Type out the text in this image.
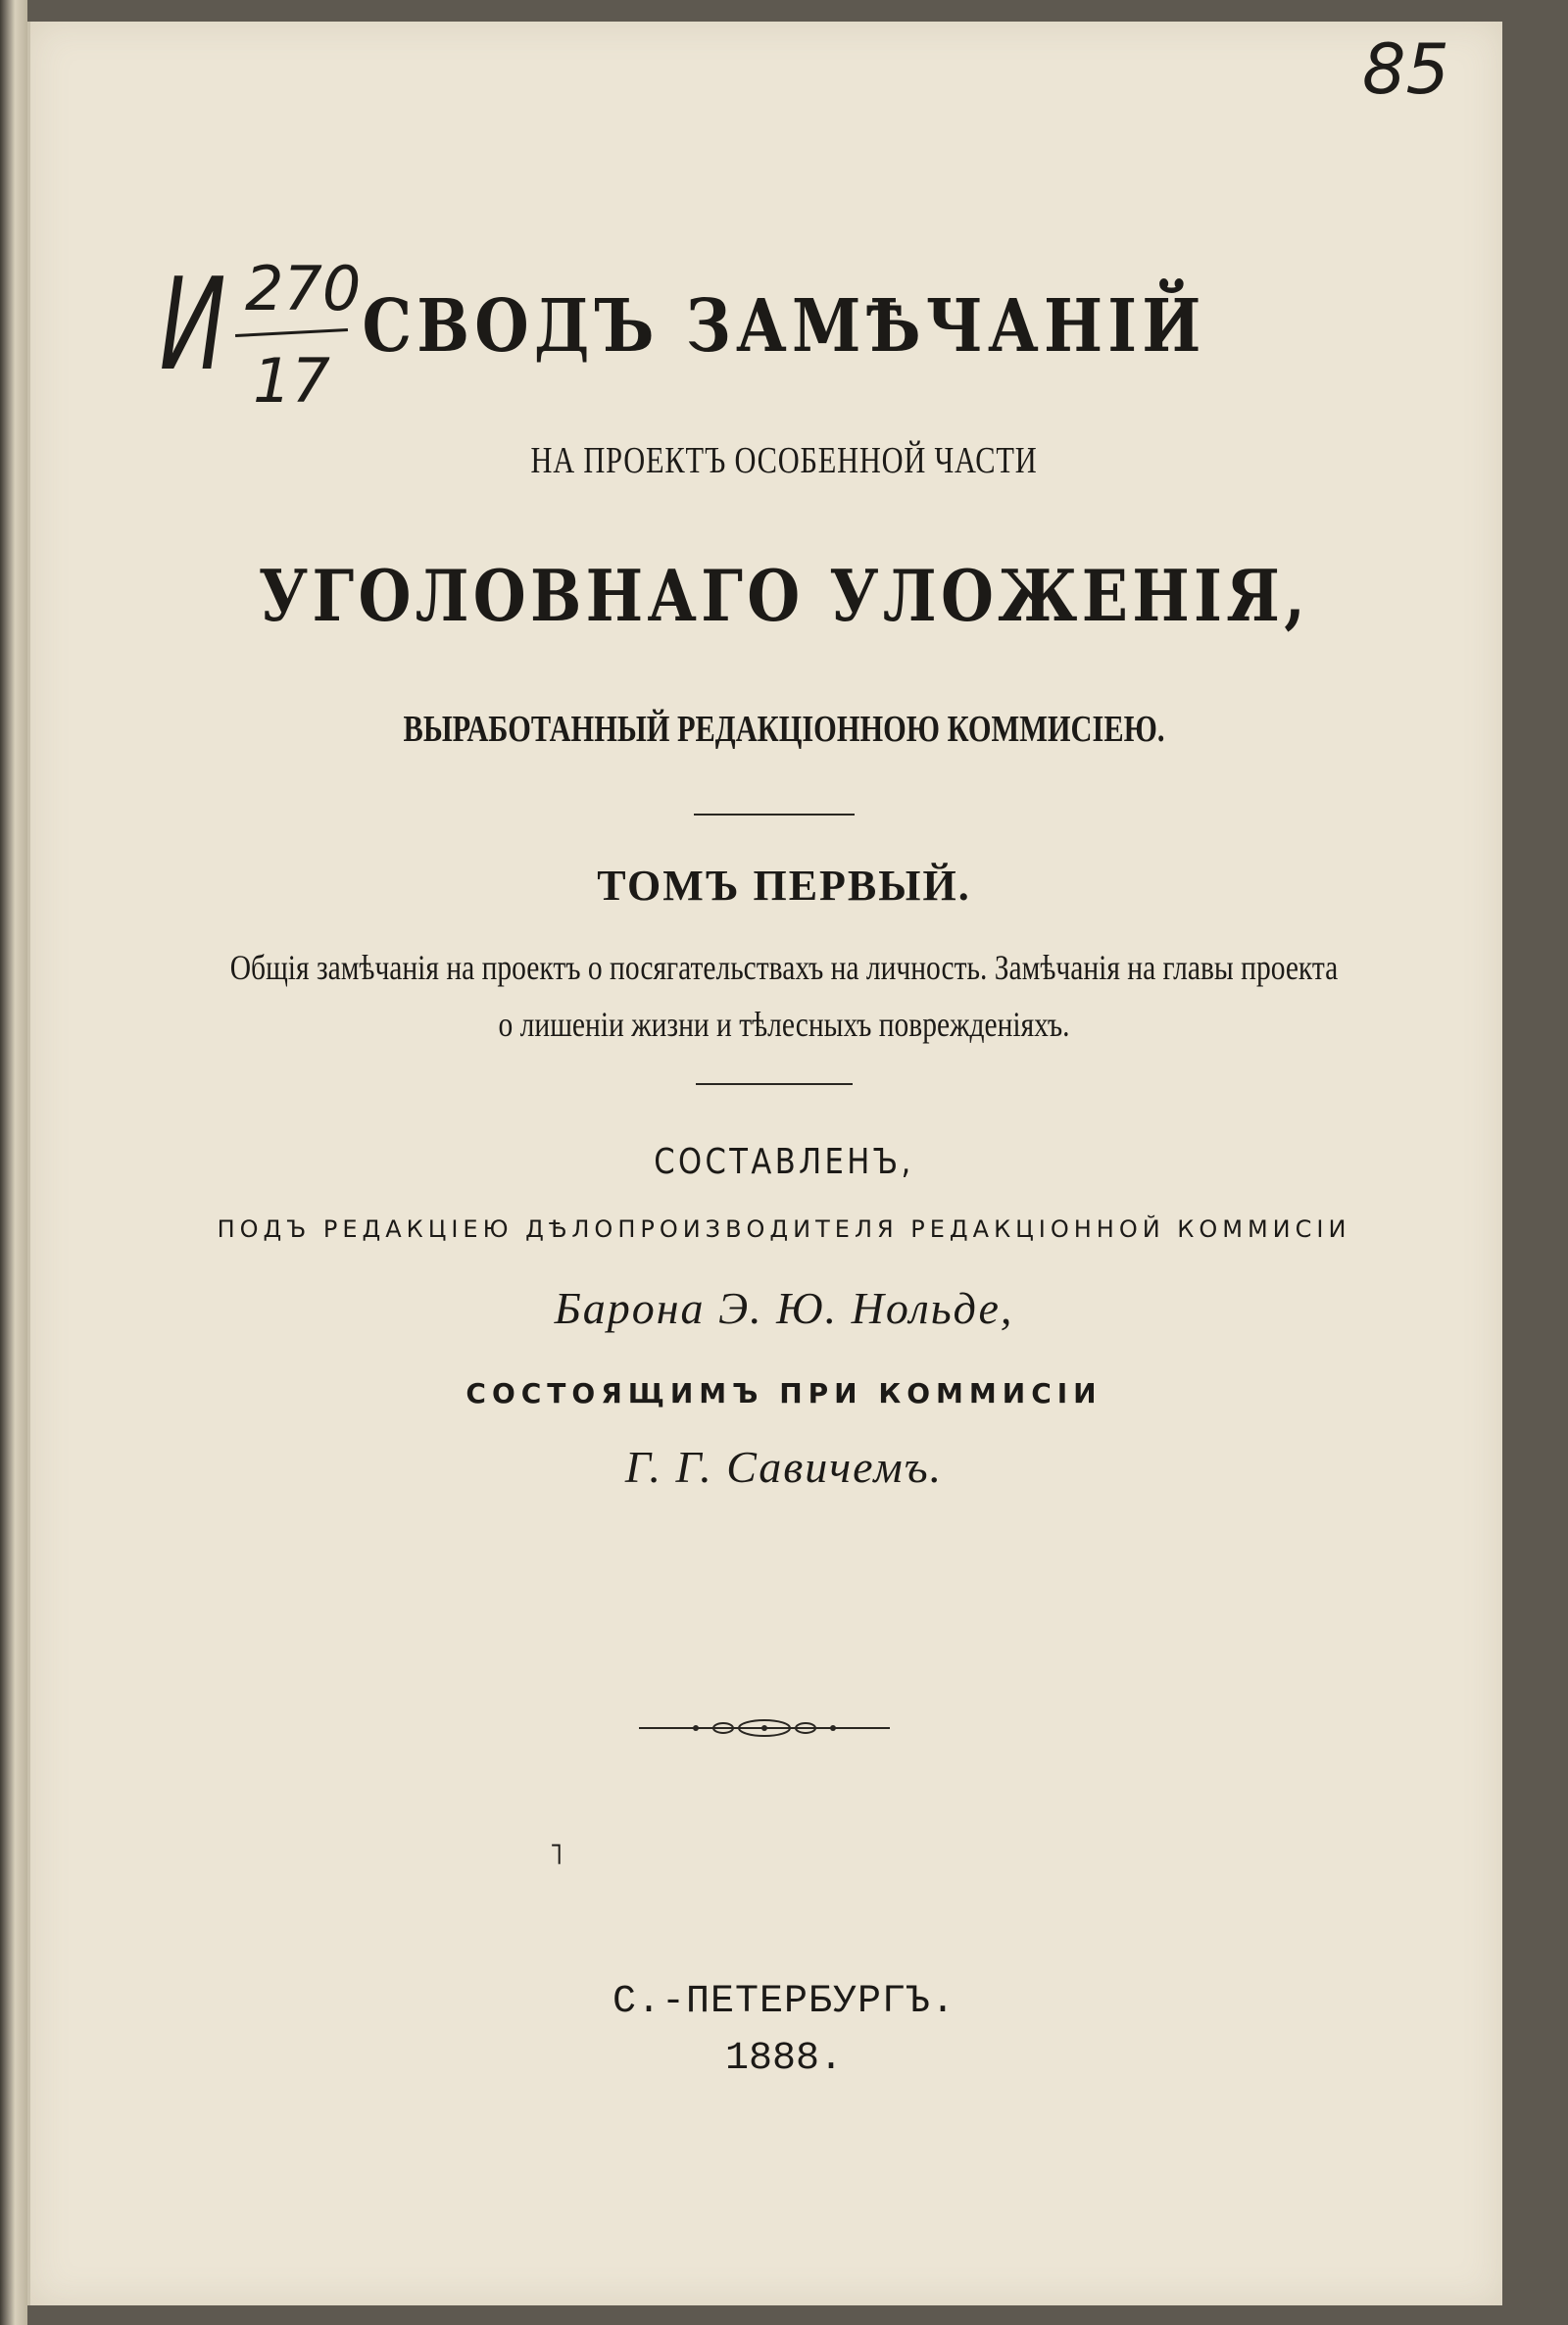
И 270
17
85
СВОДЪ ЗАМѢЧАНІЙ
НА ПРОЕКТЪ ОСОБЕННОЙ ЧАСТИ
УГОЛОВНАГО УЛОЖЕНІЯ,
ВЫРАБОТАННЫЙ РЕДАКЦІОННОЮ КОММИСІЕЮ.
ТОМЪ ПЕРВЫЙ.
Общія замѣчанія на проектъ о посягательствахъ на личность. Замѣчанія на главы проекта
о лишеніи жизни и тѣлесныхъ поврежденіяхъ.
СОСТАВЛЕНЪ,
ПОДЪ РЕДАКЦІЕЮ ДѢЛОПРОИЗВОДИТЕЛЯ РЕДАКЦІОННОЙ КОММИСІИ
Барона Э. Ю. Нольде,
СОСТОЯЩИМЪ ПРИ КОММИСІИ
Г. Г. Савичемъ.
˥
С.-ПЕТЕРБУРГЪ.
1888.
